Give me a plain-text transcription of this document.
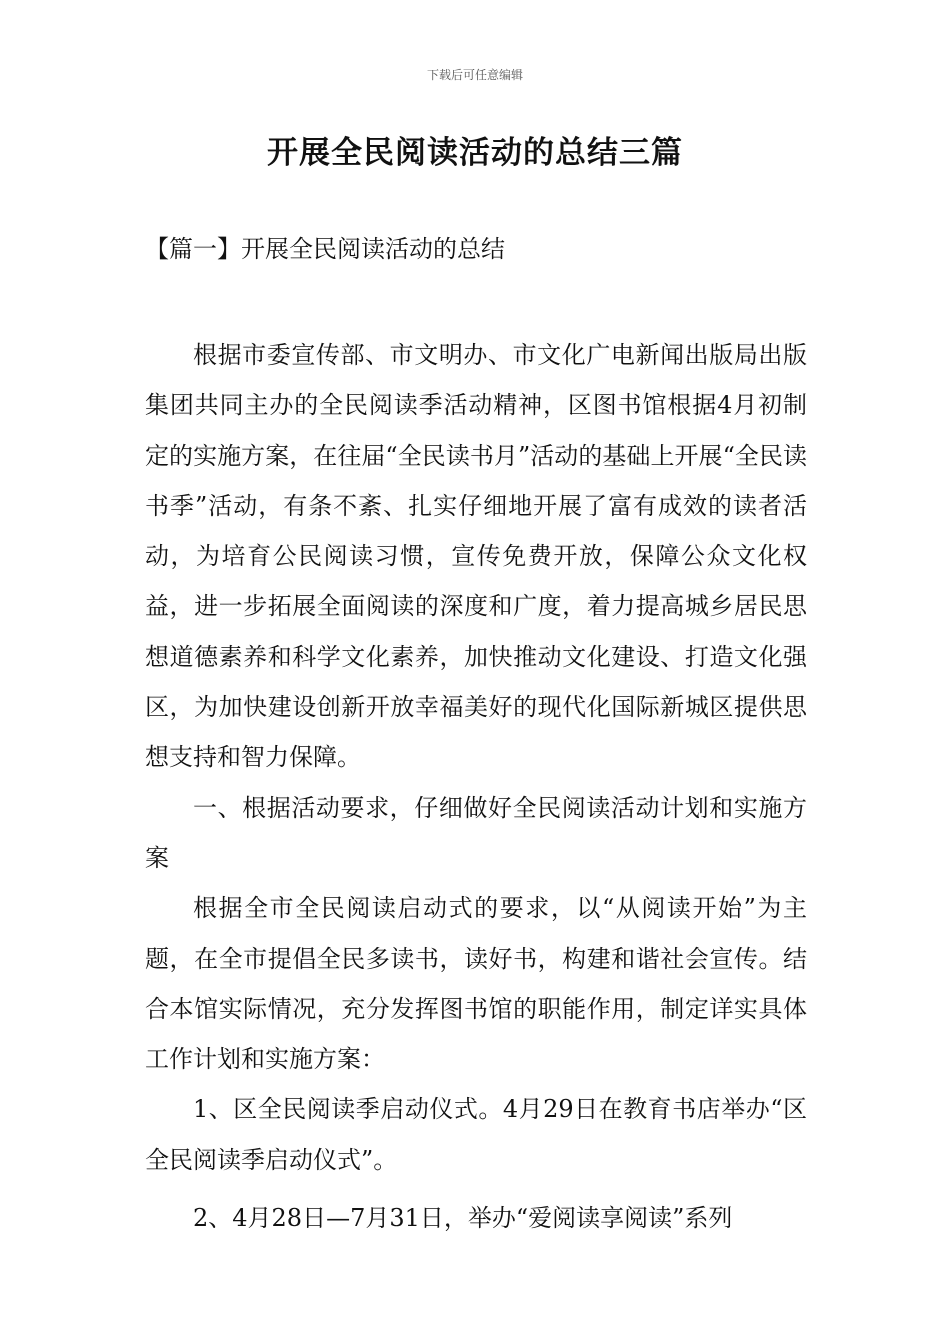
下载后可任意编辑
开展全民阅读活动的总结三篇
【篇一】开展全民阅读活动的总结

根据市委宣传部、市文明办、市文化广电新闻出版局出版集团共同主办的全民阅读季活动精神，区图书馆根据4月初制定的实施方案，在往届“全民读书月”活动的基础上开展“全民读书季”活动，有条不紊、扎实仔细地开展了富有成效的读者活动，为培育公民阅读习惯，宣传免费开放，保障公众文化权益，进一步拓展全面阅读的深度和广度，着力提高城乡居民思想道德素养和科学文化素养，加快推动文化建设、打造文化强区，为加快建设创新开放幸福美好的现代化国际新城区提供思想支持和智力保障。

一、根据活动要求，仔细做好全民阅读活动计划和实施方案

根据全市全民阅读启动式的要求，以“从阅读开始”为主题，在全市提倡全民多读书，读好书，构建和谐社会宣传。结合本馆实际情况，充分发挥图书馆的职能作用，制定详实具体工作计划和实施方案：

1、区全民阅读季启动仪式。4月29日在教育书店举办“区全民阅读季启动仪式”。

2、4月28日—7月31日，举办“爱阅读享阅读”系列
